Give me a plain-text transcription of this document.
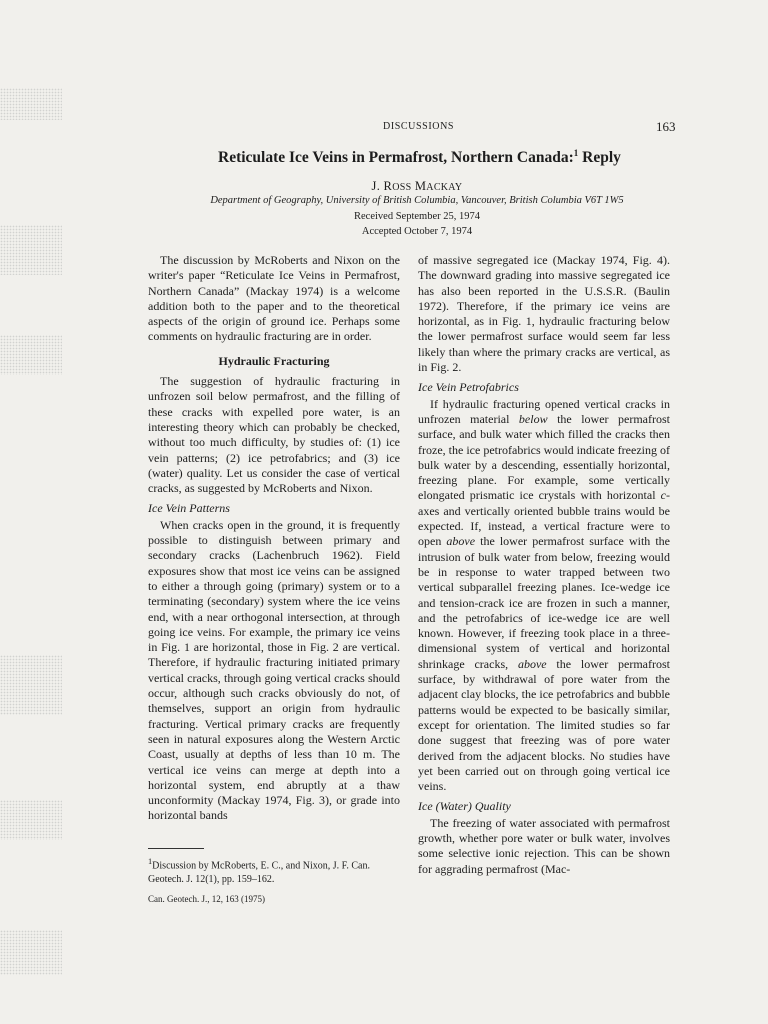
DISCUSSIONS	163
Reticulate Ice Veins in Permafrost, Northern Canada:$^1$ Reply
J. ROSS MACKAY
Department of Geography, University of British Columbia, Vancouver, British Columbia V6T 1W5
Received September 25, 1974
Accepted October 7, 1974

The discussion by McRoberts and Nixon on the writer's paper “Reticulate Ice Veins in Permafrost, Northern Canada” (Mackay 1974) is a welcome addition both to the paper and to the theoretical aspects of the origin of ground ice. Perhaps some comments on hydraulic fracturing are in order.

Hydraulic Fracturing

The suggestion of hydraulic fracturing in unfrozen soil below permafrost, and the filling of these cracks with expelled pore water, is an interesting theory which can probably be checked, without too much difficulty, by studies of: (1) ice vein patterns; (2) ice petrofabrics; and (3) ice (water) quality. Let us consider the case of vertical cracks, as suggested by McRoberts and Nixon.

Ice Vein Patterns

When cracks open in the ground, it is frequently possible to distinguish between primary and secondary cracks (Lachenbruch 1962). Field exposures show that most ice veins can be assigned to either a through going (primary) system or to a terminating (secondary) system where the ice veins end, with a near orthogonal intersection, at through going ice veins. For example, the primary ice veins in Fig. 1 are horizontal, those in Fig. 2 are vertical. Therefore, if hydraulic fracturing initiated primary vertical cracks, through going vertical cracks should occur, although such cracks obviously do not, of themselves, support an origin from hydraulic fracturing. Vertical primary cracks are frequently seen in natural exposures along the Western Arctic Coast, usually at depths of less than 10 m. The vertical ice veins can merge at depth into a horizontal system, end abruptly at a thaw unconformity (Mackay 1974, Fig. 3), or grade into horizontal bands

$^1$Discussion by McRoberts, E. C., and Nixon, J. F. Can. Geotech. J. 12(1), pp. 159–162.
Can. Geotech. J., 12, 163 (1975)

of massive segregated ice (Mackay 1974, Fig. 4). The downward grading into massive segregated ice has also been reported in the U.S.S.R. (Baulin 1972). Therefore, if the primary ice veins are horizontal, as in Fig. 1, hydraulic fracturing below the lower permafrost surface would seem far less likely than where the primary cracks are vertical, as in Fig. 2.

Ice Vein Petrofabrics

If hydraulic fracturing opened vertical cracks in unfrozen material below the lower permafrost surface, and bulk water which filled the cracks then froze, the ice petrofabrics would indicate freezing of bulk water by a descending, essentially horizontal, freezing plane. For example, some vertically elongated prismatic ice crystals with horizontal c-axes and vertically oriented bubble trains would be expected. If, instead, a vertical fracture were to open above the lower permafrost surface with the intrusion of bulk water from below, freezing would be in response to water trapped between two vertical subparallel freezing planes. Ice-wedge ice and tension-crack ice are frozen in such a manner, and the petrofabrics of ice-wedge ice are well known. However, if freezing took place in a three-dimensional system of vertical and horizontal shrinkage cracks, above the lower permafrost surface, by withdrawal of pore water from the adjacent clay blocks, the ice petrofabrics and bubble patterns would be expected to be basically similar, except for orientation. The limited studies so far done suggest that freezing was of pore water derived from the adjacent blocks. No studies have yet been carried out on through going vertical ice veins.

Ice (Water) Quality

The freezing of water associated with permafrost growth, whether pore water or bulk water, involves some selective ionic rejection. This can be shown for aggrading permafrost (Mac-
